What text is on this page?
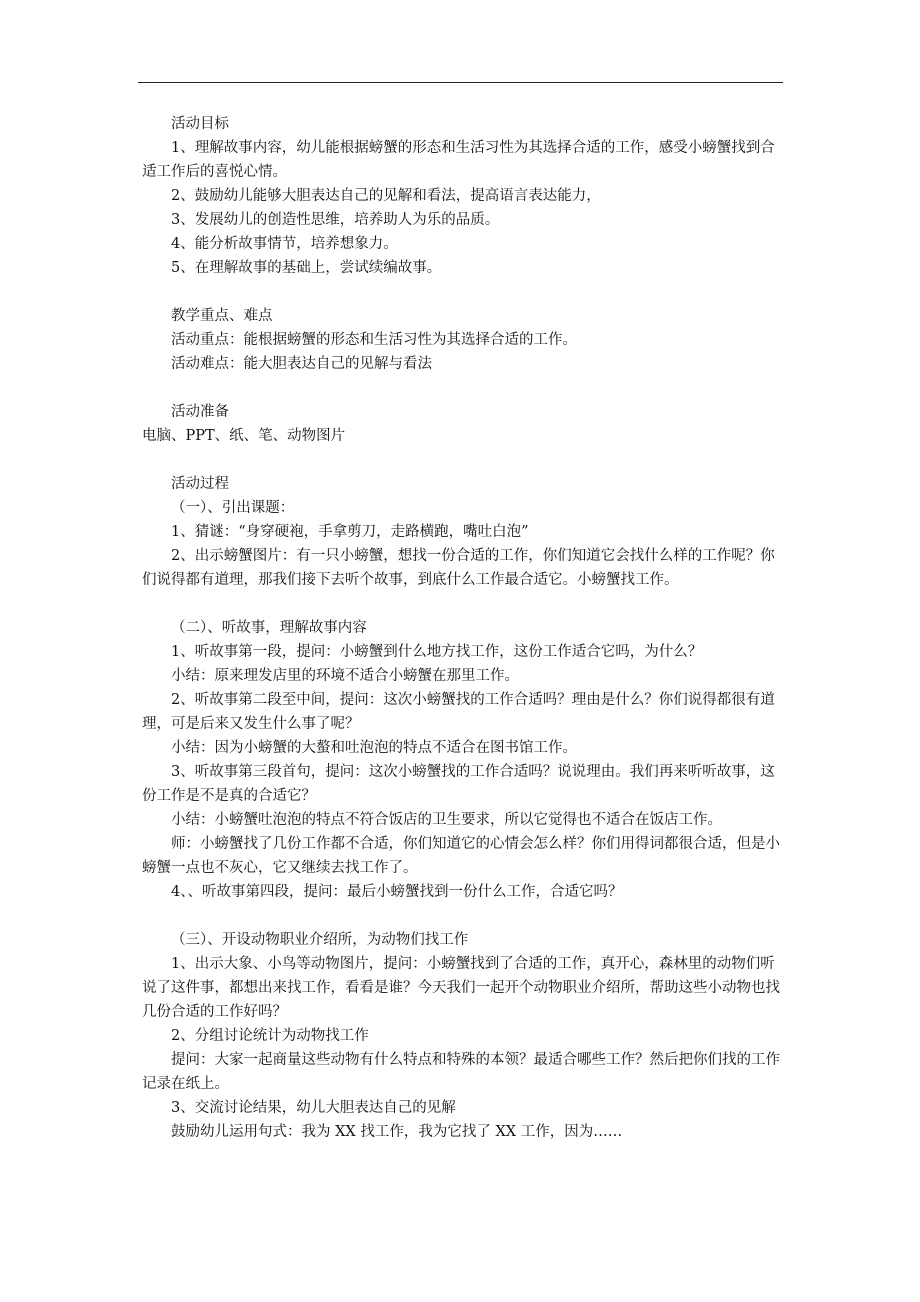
活动目标

1、理解故事内容，幼儿能根据螃蟹的形态和生活习性为其选择合适的工作，感受小螃蟹找到合适工作后的喜悦心情。

2、鼓励幼儿能够大胆表达自己的见解和看法，提高语言表达能力，

3、发展幼儿的创造性思维，培养助人为乐的品质。

4、能分析故事情节，培养想象力。

5、在理解故事的基础上，尝试续编故事。

教学重点、难点

活动重点：能根据螃蟹的形态和生活习性为其选择合适的工作。

活动难点：能大胆表达自己的见解与看法

活动准备

电脑、PPT、纸、笔、动物图片

活动过程

（一）、引出课题：

1、猜谜：“身穿硬袍，手拿剪刀，走路横跑，嘴吐白泡”

2、出示螃蟹图片：有一只小螃蟹，想找一份合适的工作，你们知道它会找什么样的工作呢？你们说得都有道理，那我们接下去听个故事，到底什么工作最合适它。小螃蟹找工作。

（二）、听故事，理解故事内容

1、听故事第一段，提问：小螃蟹到什么地方找工作，这份工作适合它吗，为什么？

小结：原来理发店里的环境不适合小螃蟹在那里工作。

2、听故事第二段至中间，提问：这次小螃蟹找的工作合适吗？理由是什么？你们说得都很有道理，可是后来又发生什么事了呢？

小结：因为小螃蟹的大螯和吐泡泡的特点不适合在图书馆工作。

3、听故事第三段首句，提问：这次小螃蟹找的工作合适吗？说说理由。我们再来听听故事，这份工作是不是真的合适它？

小结：小螃蟹吐泡泡的特点不符合饭店的卫生要求，所以它觉得也不适合在饭店工作。

师：小螃蟹找了几份工作都不合适，你们知道它的心情会怎么样？你们用得词都很合适，但是小螃蟹一点也不灰心，它又继续去找工作了。

4、、听故事第四段，提问：最后小螃蟹找到一份什么工作，合适它吗？

（三）、开设动物职业介绍所，为动物们找工作

1、出示大象、小鸟等动物图片，提问：小螃蟹找到了合适的工作，真开心，森林里的动物们听说了这件事，都想出来找工作，看看是谁？今天我们一起开个动物职业介绍所，帮助这些小动物也找几份合适的工作好吗？

2、分组讨论统计为动物找工作

提问：大家一起商量这些动物有什么特点和特殊的本领？最适合哪些工作？然后把你们找的工作记录在纸上。

3、交流讨论结果，幼儿大胆表达自己的见解

鼓励幼儿运用句式：我为 XX 找工作，我为它找了 XX 工作，因为……
